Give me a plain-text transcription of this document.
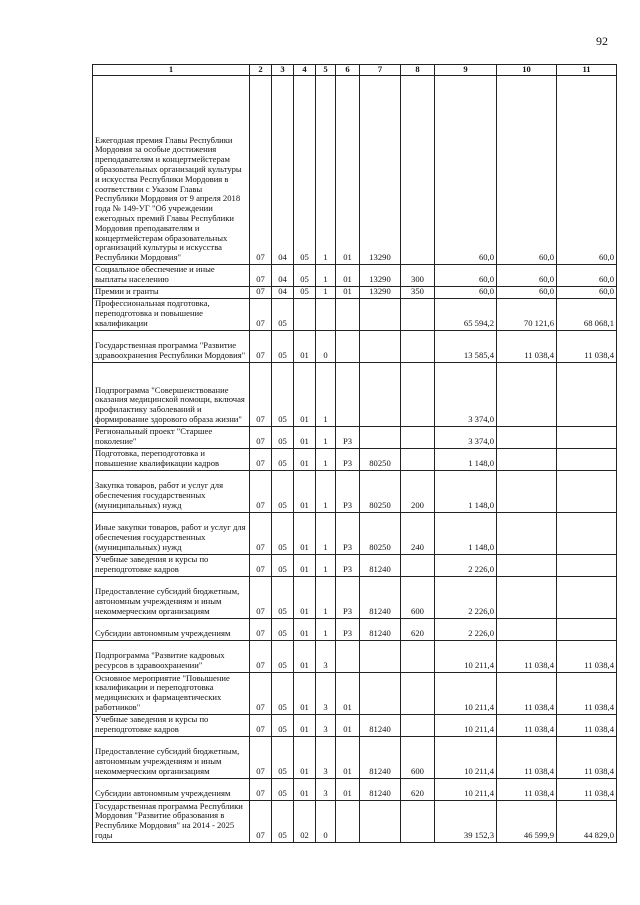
92
1	2	3	4	5	6	7	8	9	10	11
Ежегодная премия Главы Республики Мордовия за особые достижения преподавателям и концертмейстерам образовательных организаций культуры и искусства Республики Мордовия в соответствии с Указом Главы Республики Мордовия от 9 апреля 2018 года № 149-УГ "Об учреждении ежегодных премий Главы Республики Мордовия преподавателям и концертмейстерам образовательных организаций культуры и искусства Республики Мордовия"	07	04	05	1	01	13290		60,0	60,0	60,0
Социальное обеспечение и иные выплаты населению	07	04	05	1	01	13290	300	60,0	60,0	60,0
Премии и гранты	07	04	05	1	01	13290	350	60,0	60,0	60,0
Профессиональная подготовка, переподготовка и повышение квалификации	07	05						65 594,2	70 121,6	68 068,1
Государственная программа "Развитие здравоохранения Республики Мордовия"	07	05	01	0				13 585,4	11 038,4	11 038,4
Подпрограмма "Совершенствование оказания медицинской помощи, включая профилактику заболеваний и формирование здорового образа жизни"	07	05	01	1				3 374,0		
Региональный проект "Старшее поколение"	07	05	01	1	P3			3 374,0		
Подготовка, переподготовка и повышение квалификации кадров	07	05	01	1	P3	80250		1 148,0		
Закупка товаров, работ и услуг для обеспечения государственных (муниципальных) нужд	07	05	01	1	P3	80250	200	1 148,0		
Иные закупки товаров, работ и услуг для обеспечения государственных (муниципальных) нужд	07	05	01	1	P3	80250	240	1 148,0		
Учебные заведения и курсы по переподготовке кадров	07	05	01	1	P3	81240		2 226,0		
Предоставление субсидий бюджетным, автономным учреждениям и иным некоммерческим организациям	07	05	01	1	P3	81240	600	2 226,0		
Субсидии автономным учреждениям	07	05	01	1	P3	81240	620	2 226,0		
Подпрограмма "Развитие кадровых ресурсов в здравоохранении"	07	05	01	3				10 211,4	11 038,4	11 038,4
Основное мероприятие "Повышение квалификации и переподготовка медицинских и фармацевтических работников"	07	05	01	3	01			10 211,4	11 038,4	11 038,4
Учебные заведения и курсы по переподготовке кадров	07	05	01	3	01	81240		10 211,4	11 038,4	11 038,4
Предоставление субсидий бюджетным, автономным учреждениям и иным некоммерческим организациям	07	05	01	3	01	81240	600	10 211,4	11 038,4	11 038,4
Субсидии автономным учреждениям	07	05	01	3	01	81240	620	10 211,4	11 038,4	11 038,4
Государственная программа Республики Мордовия "Развитие образования в Республике Мордовия" на 2014 - 2025 годы	07	05	02	0				39 152,3	46 599,9	44 829,0
